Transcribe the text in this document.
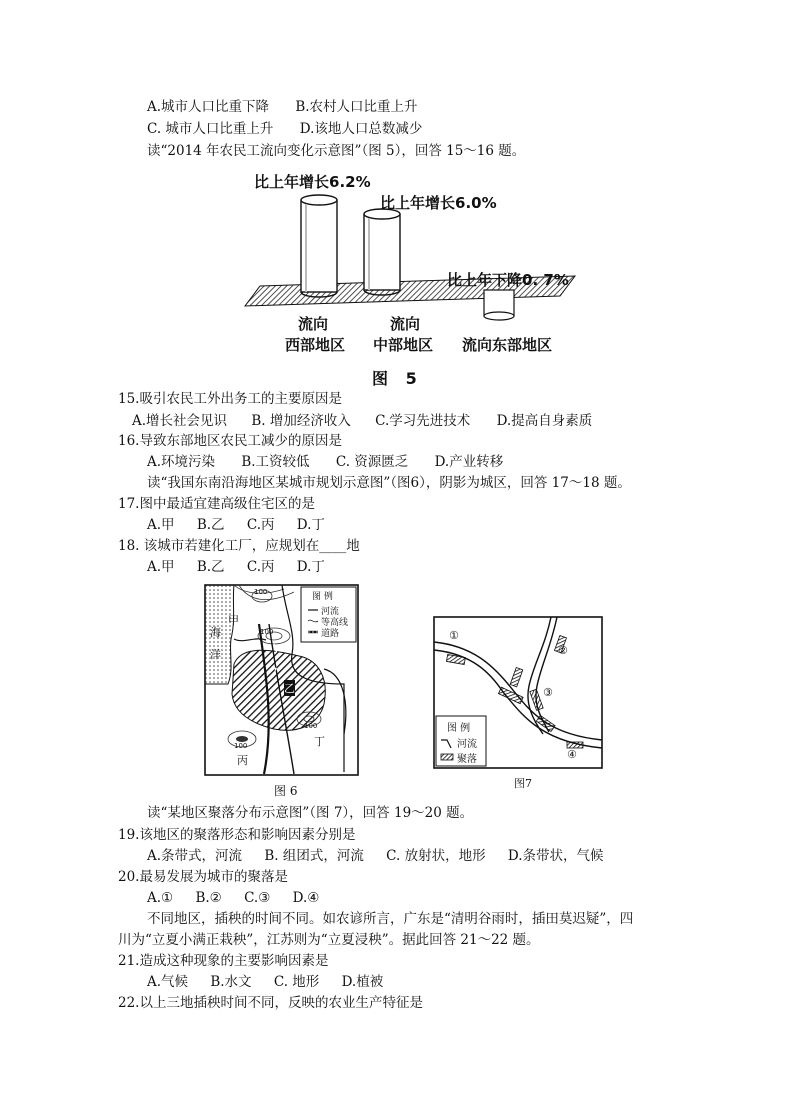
A.城市人口比重下降 B.农村人口比重上升
C. 城市人口比重上升 D.该地人口总数减少
读“2014 年农民工流向变化示意图”（图 5），回答 15～16 题。
比上年增长6.2%
比上年增长6.0%
比上年下降0. 7%
流向
西部地区
流向
中部地区 流向东部地区
图 5
15.吸引农民工外出务工的主要原因是
A.增长社会见识 B. 增加经济收入 C.学习先进技术 D.提高自身素质
16.导致东部地区农民工减少的原因是
A.环境污染 B.工资较低 C. 资源匮乏 D.产业转移
读“我国东南沿海地区某城市规划示意图”（图6），阴影为城区，回答 17～18 题。
17.图中最适宜建高级住宅区的是
A.甲 B.乙 C.丙 D.丁
18. 该城市若建化工厂，应规划在____地
A.甲 B.乙 C.丙 D.丁
图 例
河流
等高线
道路
甲
乙
丙
丁
海
洋
100
100
100
100
图 6
①
②
③
④
图 例
河流
聚落
图7
读“某地区聚落分布示意图”（图 7），回答 19～20 题。
19.该地区的聚落形态和影响因素分别是
A.条带式，河流 B. 组团式，河流 C. 放射状，地形 D.条带状，气候
20.最易发展为城市的聚落是
A.① B.② C.③ D.④
不同地区，插秧的时间不同。如农谚所言，广东是“清明谷雨时，插田莫迟疑”，四
川为“立夏小满正栽秧”，江苏则为“立夏浸秧”。据此回答 21～22 题。
21.造成这种现象的主要影响因素是
A.气候 B.水文 C. 地形 D.植被
22.以上三地插秧时间不同，反映的农业生产特征是
